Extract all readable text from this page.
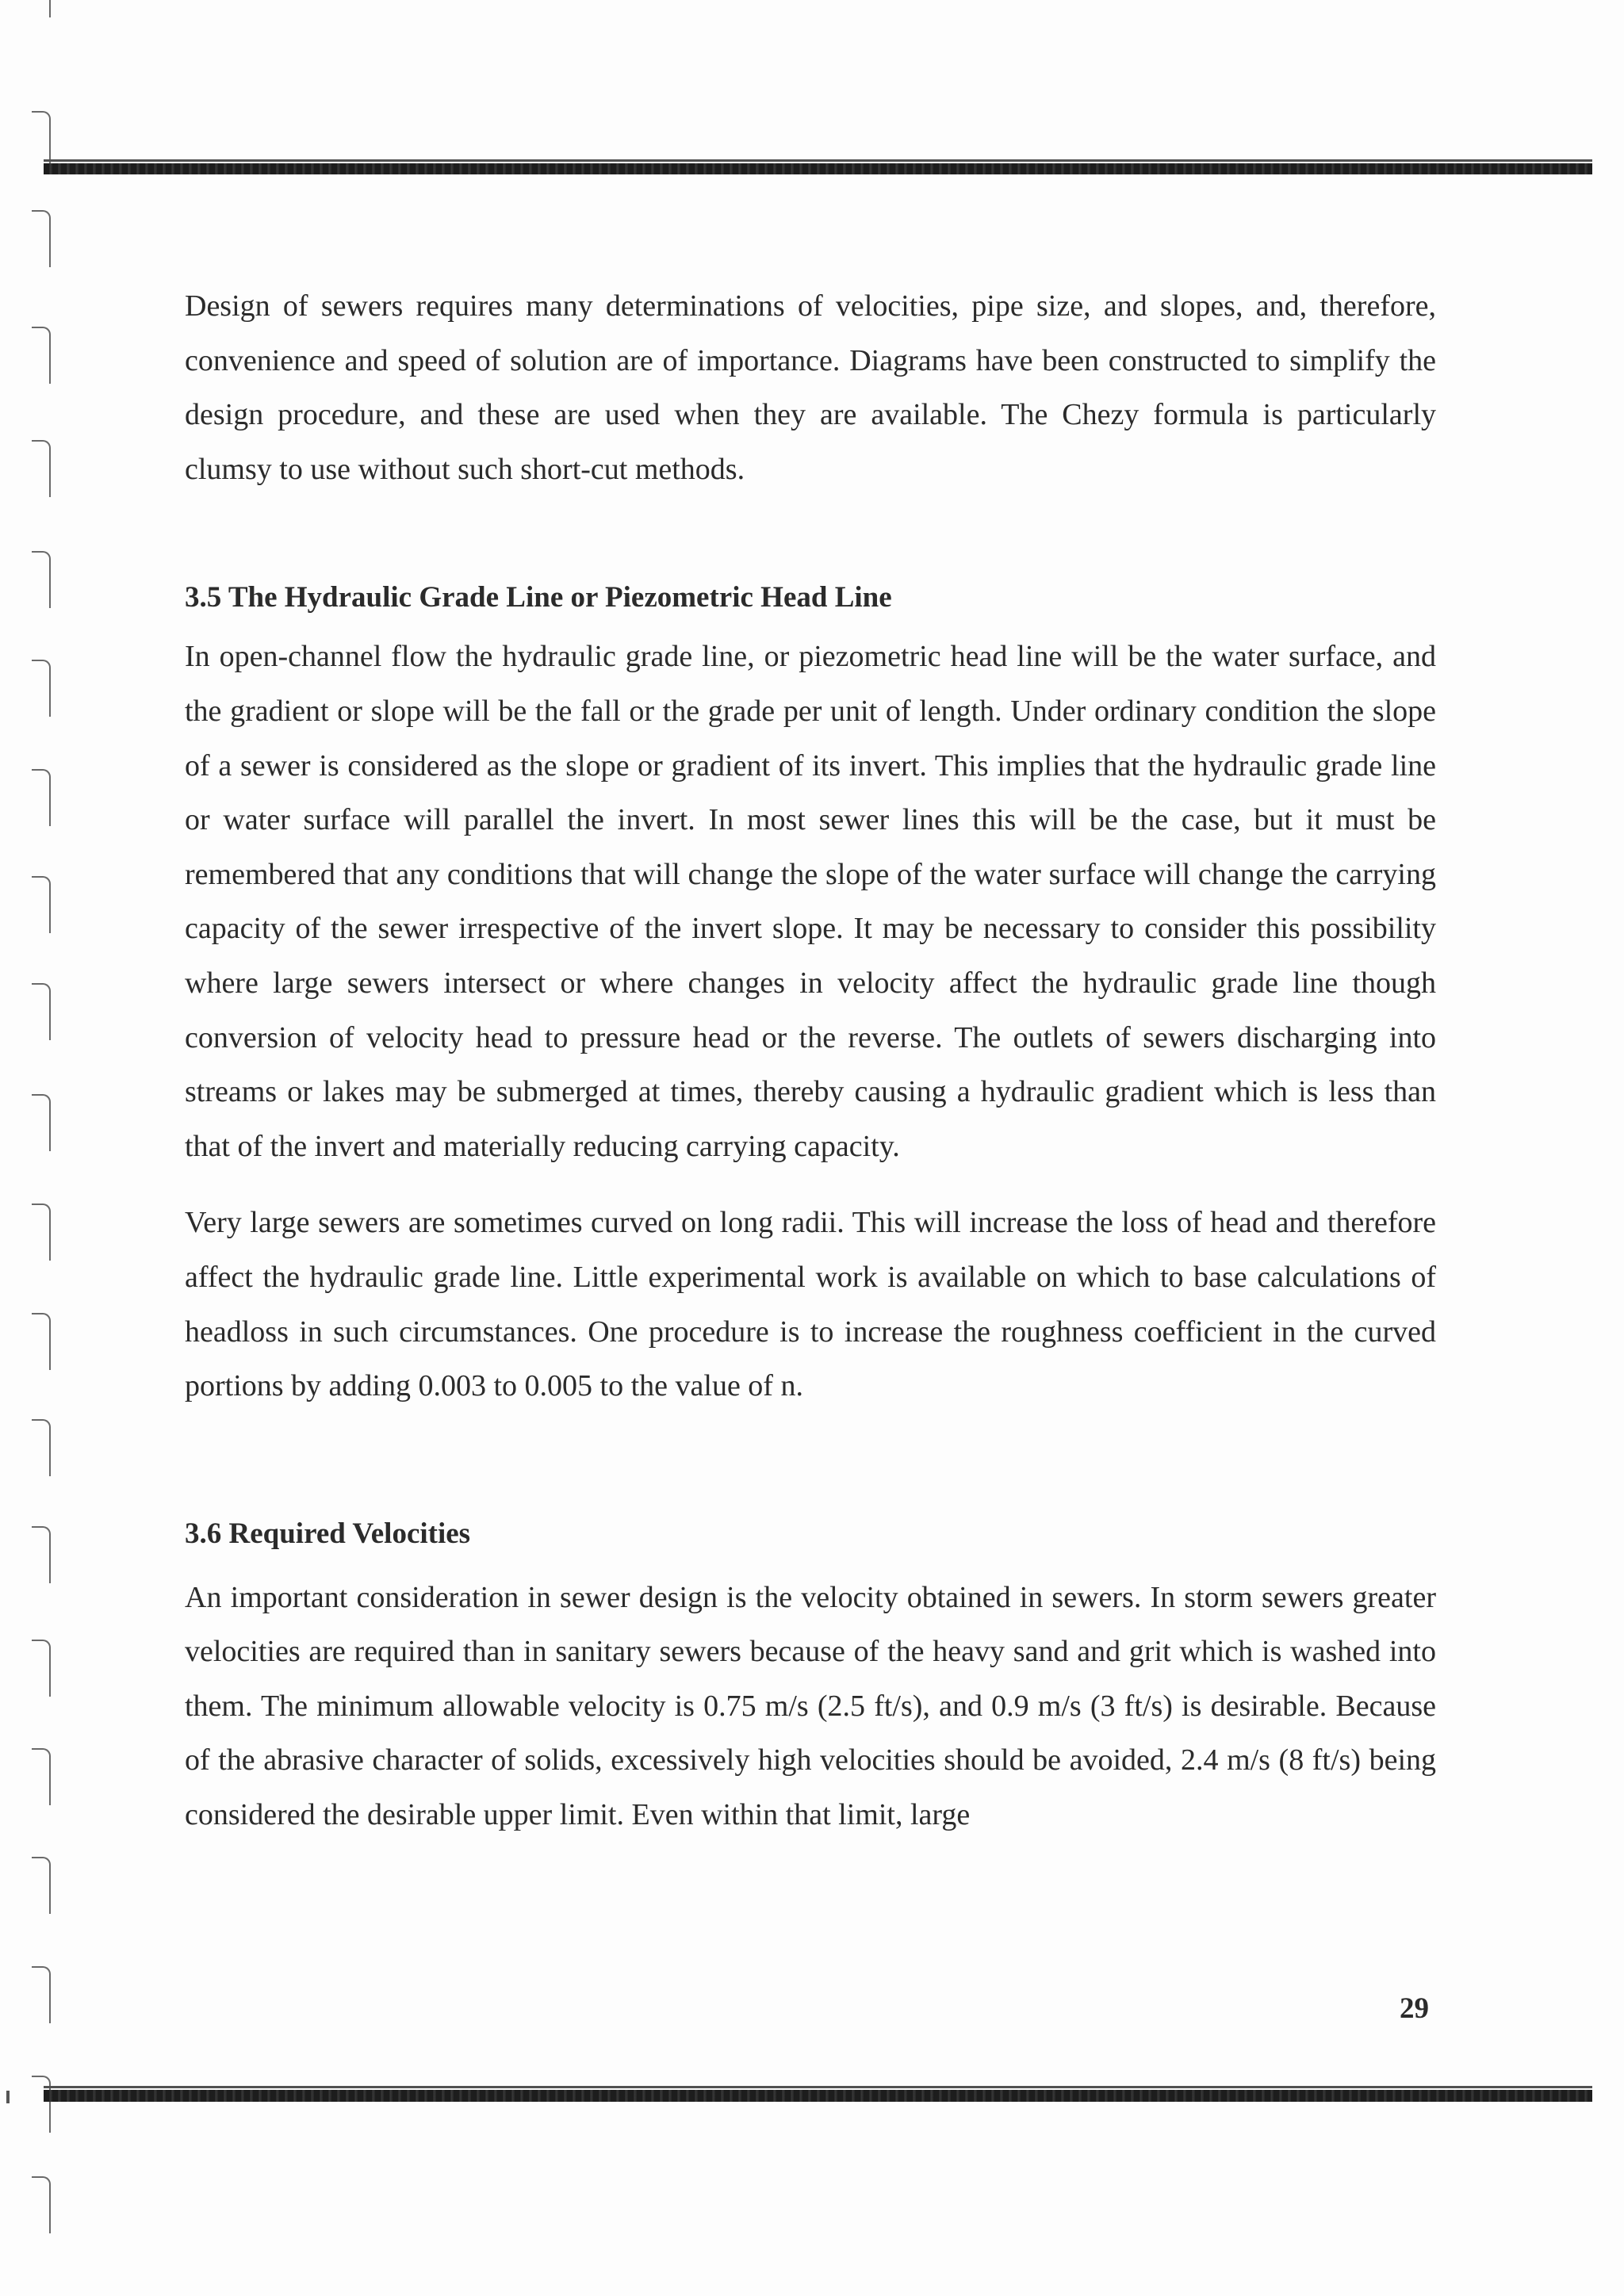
Design of sewers requires many determinations of velocities, pipe size, and slopes, and, therefore, convenience and speed of solution are of importance. Diagrams have been constructed to simplify the design procedure, and these are used when they are available. The Chezy formula is particularly clumsy to use without such short-cut methods.

3.5 The Hydraulic Grade Line or Piezometric Head Line

In open-channel flow the hydraulic grade line, or piezometric head line will be the water surface, and the gradient or slope will be the fall or the grade per unit of length. Under ordinary condition the slope of a sewer is considered as the slope or gradient of its invert. This implies that the hydraulic grade line or water surface will parallel the invert. In most sewer lines this will be the case, but it must be remembered that any conditions that will change the slope of the water surface will change the carrying capacity of the sewer irrespective of the invert slope. It may be necessary to consider this possibility where large sewers intersect or where changes in velocity affect the hydraulic grade line though conversion of velocity head to pressure head or the reverse. The outlets of sewers discharging into streams or lakes may be submerged at times, thereby causing a hydraulic gradient which is less than that of the invert and materially reducing carrying capacity.

Very large sewers are sometimes curved on long radii. This will increase the loss of head and therefore affect the hydraulic grade line. Little experimental work is available on which to base calculations of headloss in such circumstances. One procedure is to increase the roughness coefficient in the curved portions by adding 0.003 to 0.005 to the value of n.

3.6 Required Velocities

An important consideration in sewer design is the velocity obtained in sewers. In storm sewers greater velocities are required than in sanitary sewers because of the heavy sand and grit which is washed into them. The minimum allowable velocity is 0.75 m/s (2.5 ft/s), and 0.9 m/s (3 ft/s) is desirable. Because of the abrasive character of solids, excessively high velocities should be avoided, 2.4 m/s (8 ft/s) being considered the desirable upper limit. Even within that limit, large

29
